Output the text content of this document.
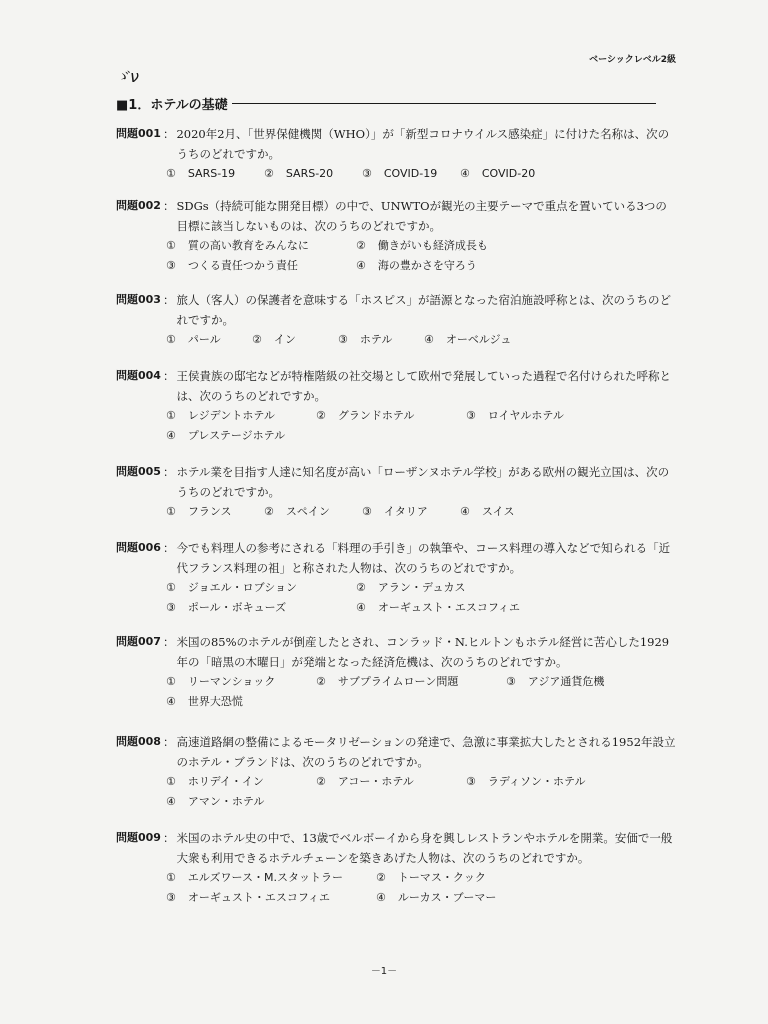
ベーシックレベル2級
ゞν
■1．ホテルの基礎
問題001 ： 2020年2月、「世界保健機関（WHO）」が「新型コロナウイルス感染症」に付けた名称は、次のうちのどれですか。
① SARS-19	② SARS-20	③ COVID-19 ④ COVID-20
問題002 ： SDGs（持続可能な開発目標）の中で、UNWTOが観光の主要テーマで重点を置いている3つの目標に該当しないものは、次のうちのどれですか。
① 質の高い教育をみんなに	② 働きがいも経済成長も
③ つくる責任つかう責任	④ 海の豊かさを守ろう
問題003 ： 旅人（客人）の保護者を意味する「ホスピス」が語源となった宿泊施設呼称とは、次のうちのどれですか。
① パール	② イン	③ ホテル	④ オーベルジュ
問題004 ： 王侯貴族の邸宅などが特権階級の社交場として欧州で発展していった過程で名付けられた呼称とは、次のうちのどれですか。
① レジデントホテル	② グランドホテル	③ ロイヤルホテル
④ プレステージホテル
問題005 ： ホテル業を目指す人達に知名度が高い「ローザンヌホテル学校」がある欧州の観光立国は、次のうちのどれですか。
① フランス	② スペイン	③ イタリア	④ スイス
問題006 ： 今でも料理人の参考にされる「料理の手引き」の執筆や、コース料理の導入などで知られる「近代フランス料理の祖」と称された人物は、次のうちのどれですか。
① ジョエル・ロブション	② アラン・デュカス
③ ポール・ボキューズ	④ オーギュスト・エスコフィエ
問題007 ： 米国の85%のホテルが倒産したとされ、コンラッド・N.ヒルトンもホテル経営に苦心した1929年の「暗黒の木曜日」が発端となった経済危機は、次のうちのどれですか。
① リーマンショック	② サブプライムローン問題	③ アジア通貨危機
④ 世界大恐慌
問題008 ： 高速道路網の整備によるモータリゼーションの発達で、急激に事業拡大したとされる1952年設立のホテル・ブランドは、次のうちのどれですか。
① ホリデイ・イン	② アコー・ホテル	③ ラディソン・ホテル
④ アマン・ホテル
問題009 ： 米国のホテル史の中で、13歳でベルボーイから身を興しレストランやホテルを開業。安価で一般大衆も利用できるホテルチェーンを築きあげた人物は、次のうちのどれですか。
① エルズワース・M.スタットラー	② トーマス・クック
③ オーギュスト・エスコフィエ	④ ルーカス・ブーマー
－1－
